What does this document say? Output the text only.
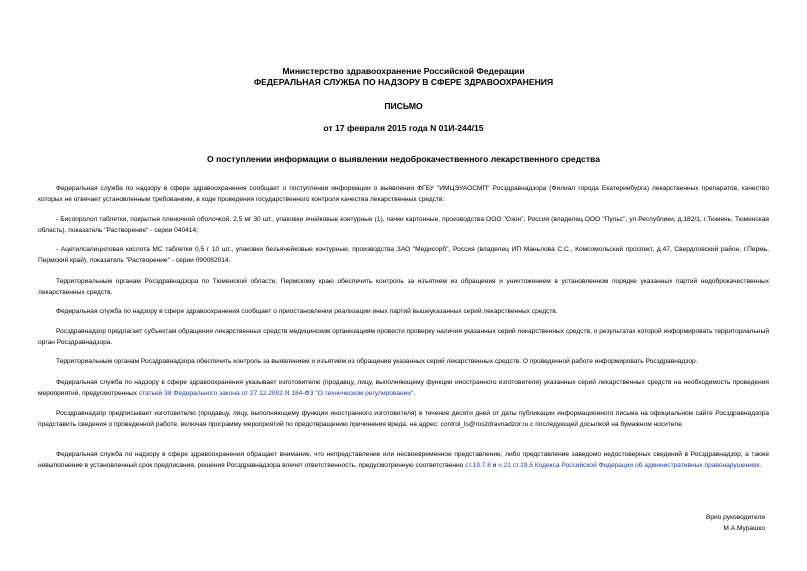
Министерство здравоохранение Российской Федерации

ФЕДЕРАЛЬНАЯ СЛУЖБА ПО НАДЗОРУ В СФЕРЕ ЗДРАВООХРАНЕНИЯ

ПИСЬМО

от 17 февраля 2015 года N 01И-244/15

О поступлении информации о выявлении недоброкачественного лекарственного средства

Федеральная служба по надзору в сфере здравоохранения сообщает о поступлении информации о выявлении ФГБУ "ИМЦЭУАОСМП" Росздравнадзора (Филиал города Екатеринбурга) лекарственных препаратов, качество которых не отвечает установленным требованиям, в ходе проведения государственного контроля качества лекарственных средств:

- Бисопролол таблетки, покрытые пленочной оболочкой, 2,5 мг 30 шт., упаковки ячейковые контурные (1), пачки картонные, производства ООО "Озон", Россия (владелец ООО "Пульс", ул.Республики, д.182/1, г.Тюмень, Тюменская область), показатель "Растворение" - серии 040414;

- Ацетилсалициловая кислота МС таблетки 0,5 г 10 шт., упаковки безъячейковые контурные, производства ЗАО "Медисорб", Россия (владелец ИП Маньлова С.С., Комсомольский проспект, д.47, Свердловский район, г.Пермь, Пермский край), показатель "Растворение" - серии 090082014.

Территориальным органам Росздравнадзора по Тюменской области, Пермскому краю обеспечить контроль за изъятием из обращения и уничтожением в установленном порядке указанных партий недоброкачественных лекарственных средств.

Федеральная служба по надзору в сфере здравоохранения сообщает о приостановлении реализации иных партий вышеуказанных серий лекарственных средств.

Росздравнадзор предлагает субъектам обращения лекарственных средств медицинским организациям провести проверку наличия указанных серий лекарственных средств, о результатах которой информировать территориальный орган Росздравнадзора.

Территориальным органам Росздравнадзора обеспечить контроль за выявлением и изъятием из обращения указанных серий лекарственных средств. О проведенной работе информировать Росздравнадзор.

Федеральная служба по надзору в сфере здравоохранения указывает изготовителю (продавцу, лицу, выполняющему функции иностранного изготовителя) указанных серий лекарственных средств на необходимость проведения мероприятий, предусмотренных статьей 38 Федерального закона от 27.12.2002 N 184-ФЗ "О техническом регулировании".

Росздравнадзор предписывает изготовителю (продавцу, лицу, выполняющему функции иностранного изготовителя) в течение десяти дней от даты публикации информационного письма на официальном сайте Росздравнадзора представить сведения о проведенной работе, включая программу мероприятий по предотвращению причинения вреда, на адрес: control_ls@roszdravnadzor.ru с последующей досылкой на бумажном носителе.

Федеральная служба по надзору в сфере здравоохранения обращает внимание, что непредставление или несвоевременное представление, либо представление заведомо недостоверных сведений в Росздравнадзор, а также невыполнение в установленный срок предписания, решения Росздравнадзора влечет ответственность, предусмотренную соответственно ст.19.7.8 и ч.21 ст.19.5 Кодекса Российской Федерации об административных правонарушениях.

Врио руководителя

М.А.Мурашко
